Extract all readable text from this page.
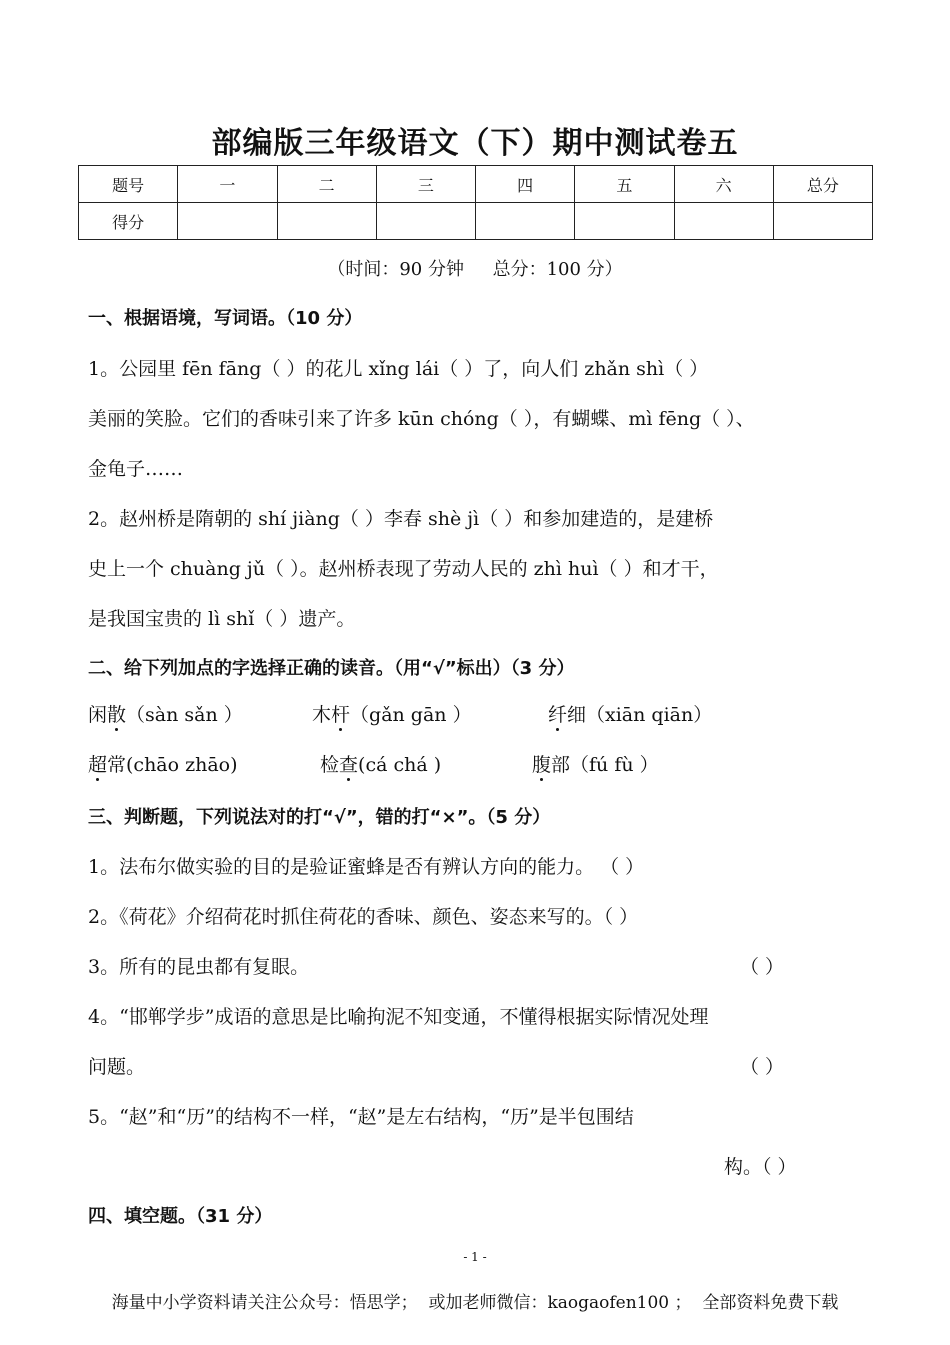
部编版三年级语文（下）期中测试卷五
题号	一	二	三	四	五	六	总分
得分							
（时间：90 分钟     总分：100 分）
一、根据语境，写词语。（10 分）
1。公园里 fēn fāng（ ）的花儿 xǐng lái（ ）了，向人们 zhǎn shì（ ）
美丽的笑脸。它们的香味引来了许多 kūn chóng（ ），有蝴蝶、mì fēng（ ）、
金龟子……
2。赵州桥是隋朝的 shí jiàng（ ）李春 shè jì（ ）和参加建造的，是建桥
史上一个 chuàng jǔ（ ）。赵州桥表现了劳动人民的 zhì huì（ ）和才干，
是我国宝贵的 lì shǐ（ ）遗产。
二、给下列加点的字选择正确的读音。（用“√”标出）（3 分）
闲散（sàn sǎn ）	木杆（gǎn gān ）	纤细（xiān qiān）
超常(chāo zhāo)	检查(cá chá )	腹部（fú fù ）
三、判断题，下列说法对的打“√”，错的打“×”。（5 分）
1。法布尔做实验的目的是验证蜜蜂是否有辨认方向的能力。 （ ）
2。《荷花》介绍荷花时抓住荷花的香味、颜色、姿态来写的。（ ）
3。所有的昆虫都有复眼。	（ ）
4。“邯郸学步”成语的意思是比喻拘泥不知变通，不懂得根据实际情况处理
问题。	（ ）
5。“赵”和“历”的结构不一样，“赵”是左右结构，“历”是半包围结
构。（ ）
四、填空题。（31 分）
- 1 -
海量中小学资料请关注公众号：悟思学；  或加老师微信：kaogaofen100 ；  全部资料免费下载
